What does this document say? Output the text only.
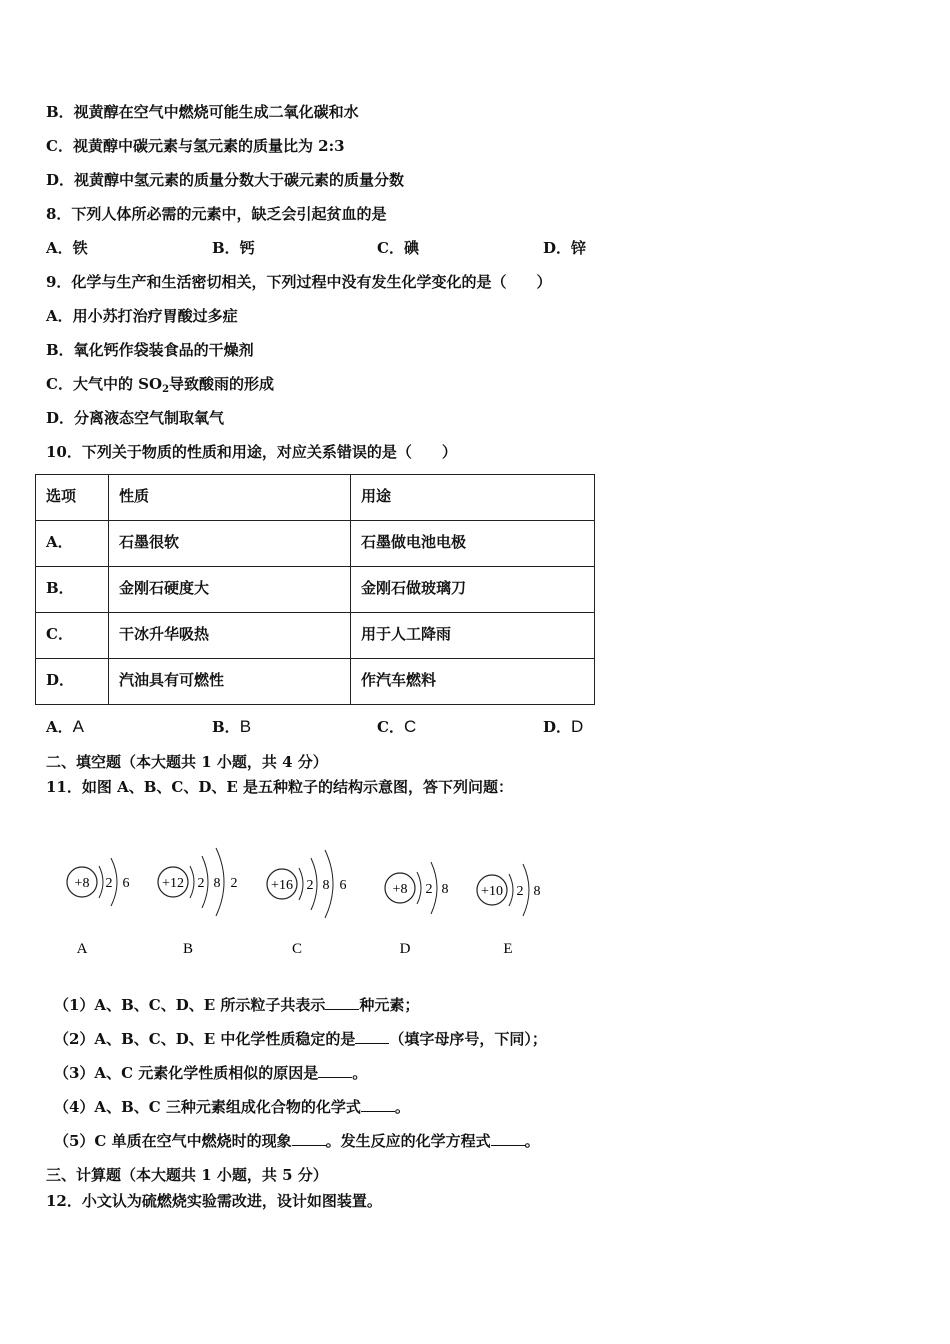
B．视黄醇在空气中燃烧可能生成二氧化碳和水
C．视黄醇中碳元素与氢元素的质量比为 2:3
D．视黄醇中氢元素的质量分数大于碳元素的质量分数
8．下列人体所必需的元素中，缺乏会引起贫血的是
A．铁	B．钙	C．碘	D．锌
9．化学与生产和生活密切相关，下列过程中没有发生化学变化的是（　　）
A．用小苏打治疗胃酸过多症
B．氧化钙作袋装食品的干燥剂
C．大气中的 $SO_2$导致酸雨的形成
D．分离液态空气制取氧气
10．下列关于物质的性质和用途，对应关系错误的是（　　）
选项	性质	用途
A．	石墨很软	石墨做电池电极
B．	金刚石硬度大	金刚石做玻璃刀
C．	干冰升华吸热	用于人工降雨
D．	汽油具有可燃性	作汽车燃料
A．A	B．B	C．C	D．D
二、填空题（本大题共 1 小题，共 4 分）
11．如图 A、B、C、D、E 是五种粒子的结构示意图，答下列问题：
+8 2 6
A
+12 2 8 2
B
+16 2 8 6
C
+8 2 8
D
+10 2 8
E
（1）A、B、C、D、E 所示粒子共表示 种元素；
（2）A、B、C、D、E 中化学性质稳定的是 （填字母序号，下同）；
（3）A、C 元素化学性质相似的原因是 。
（4）A、B、C 三种元素组成化合物的化学式 。
（5）C 单质在空气中燃烧时的现象 。发生反应的化学方程式 。
三、计算题（本大题共 1 小题，共 5 分）
12．小文认为硫燃烧实验需改进，设计如图装置。
